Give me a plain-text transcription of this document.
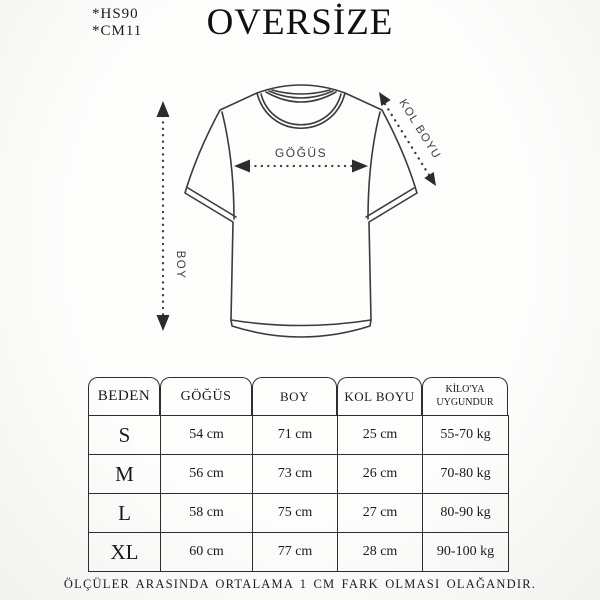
*HS90
*CM11	OVERSİZE
BOY
GÖĞÜS	KOL BOYU
BEDEN	GÖĞÜS	BOY	KOL BOYU	KİLO'YA UYGUNDUR
S	54 cm	71 cm	25 cm	55-70 kg
M	56 cm	73 cm	26 cm	70-80 kg
L	58 cm	75 cm	27 cm	80-90 kg
XL	60 cm	77 cm	28 cm	90-100 kg
ÖLÇÜLER ARASINDA ORTALAMA 1 CM FARK OLMASI OLAĞANDIR.
